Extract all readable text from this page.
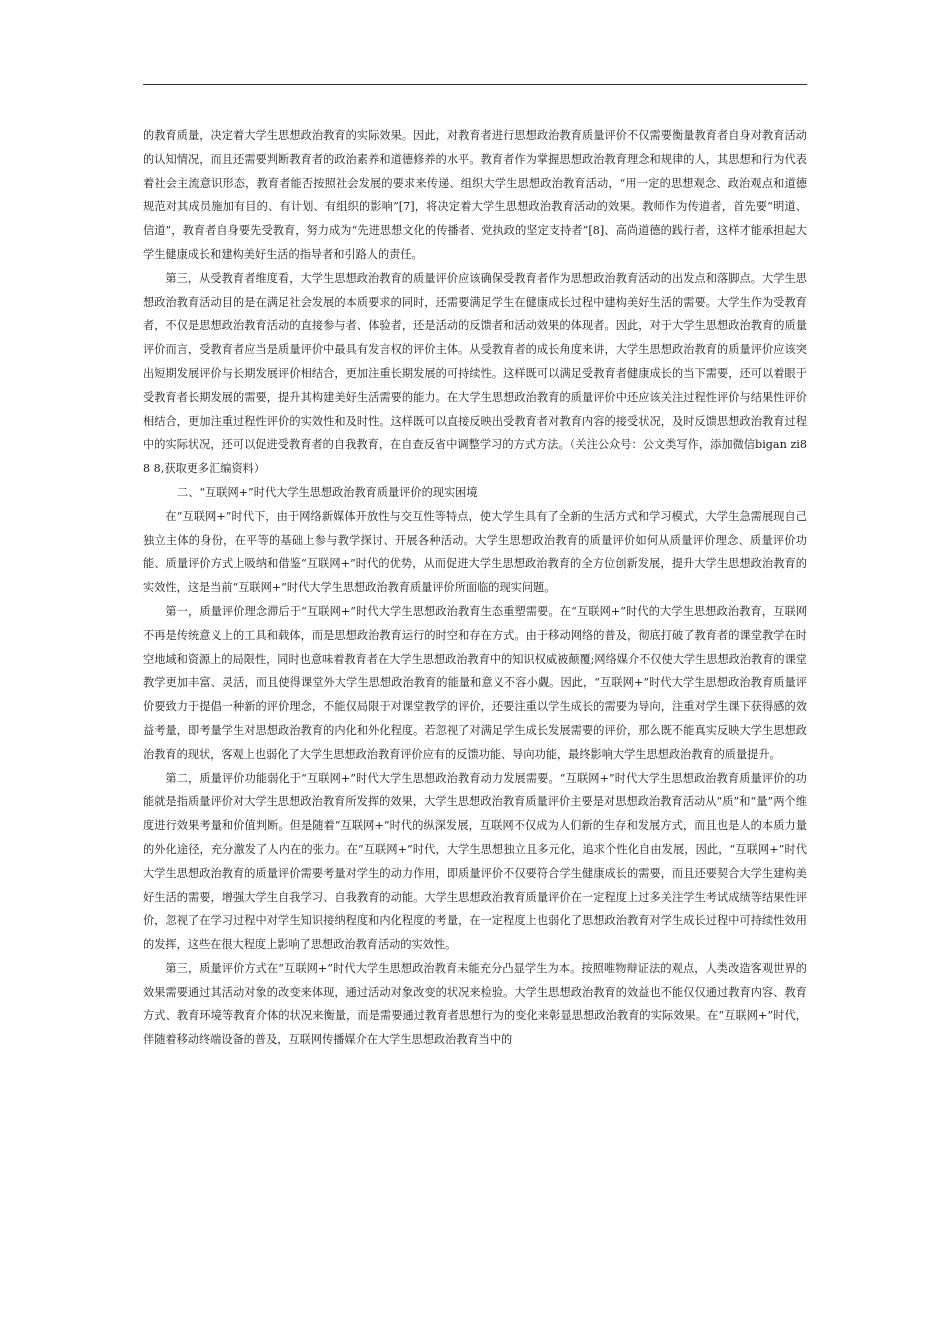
的教育质量，决定着大学生思想政治教育的实际效果。因此，对教育者进行思想政治教育质量评价不仅需要衡量教育者自身对教育活动的认知情况，而且还需要判断教育者的政治素养和道德修养的水平。教育者作为掌握思想政治教育理念和规律的人，其思想和行为代表着社会主流意识形态，教育者能否按照社会发展的要求来传递、组织大学生思想政治教育活动，“用一定的思想观念、政治观点和道德规范对其成员施加有目的、有计划、有组织的影响”[7]，将决定着大学生思想政治教育活动的效果。教师作为传道者，首先要“明道、信道”，教育者自身要先受教育，努力成为“先进思想文化的传播者、党执政的坚定支持者”[8]、高尚道德的践行者，这样才能承担起大学生健康成长和建构美好生活的指导者和引路人的责任。

第三，从受教育者维度看，大学生思想政治教育的质量评价应该确保受教育者作为思想政治教育活动的出发点和落脚点。大学生思想政治教育活动目的是在满足社会发展的本质要求的同时，还需要满足学生在健康成长过程中建构美好生活的需要。大学生作为受教育者，不仅是思想政治教育活动的直接参与者、体验者，还是活动的反馈者和活动效果的体现者。因此，对于大学生思想政治教育的质量评价而言，受教育者应当是质量评价中最具有发言权的评价主体。从受教育者的成长角度来讲，大学生思想政治教育的质量评价应该突出短期发展评价与长期发展评价相结合，更加注重长期发展的可持续性。这样既可以满足受教育者健康成长的当下需要，还可以着眼于受教育者长期发展的需要，提升其构建美好生活需要的能力。在大学生思想政治教育的质量评价中还应该关注过程性评价与结果性评价相结合，更加注重过程性评价的实效性和及时性。这样既可以直接反映出受教育者对教育内容的接受状况，及时反馈思想政治教育过程中的实际状况，还可以促进受教育者的自我教育，在自查反省中调整学习的方式方法。（关注公众号：公文类写作，添加微信bigan zi8 8 8,获取更多汇编资料）

二、“互联网+”时代大学生思想政治教育质量评价的现实困境

在“互联网+”时代下，由于网络新媒体开放性与交互性等特点，使大学生具有了全新的生活方式和学习模式，大学生急需展现自己独立主体的身份，在平等的基础上参与教学探讨、开展各种活动。大学生思想政治教育的质量评价如何从质量评价理念、质量评价功能、质量评价方式上吸纳和借鉴“互联网+”时代的优势，从而促进大学生思想政治教育的全方位创新发展，提升大学生思想政治教育的实效性，这是当前“互联网+”时代大学生思想政治教育质量评价所面临的现实问题。

第一，质量评价理念滞后于“互联网+”时代大学生思想政治教育生态重塑需要。在“互联网+”时代的大学生思想政治教育，互联网不再是传统意义上的工具和载体，而是思想政治教育运行的时空和存在方式。由于移动网络的普及，彻底打破了教育者的课堂教学在时空地域和资源上的局限性，同时也意味着教育者在大学生思想政治教育中的知识权威被颠覆;网络媒介不仅使大学生思想政治教育的课堂教学更加丰富、灵活，而且使得课堂外大学生思想政治教育的能量和意义不容小觑。因此，“互联网+”时代大学生思想政治教育质量评价要致力于提倡一种新的评价理念，不能仅局限于对课堂教学的评价，还要注重以学生成长的需要为导向，注重对学生课下获得感的效益考量，即考量学生对思想政治教育的内化和外化程度。若忽视了对满足学生成长发展需要的评价，那么既不能真实反映大学生思想政治教育的现状，客观上也弱化了大学生思想政治教育评价应有的反馈功能、导向功能，最终影响大学生思想政治教育的质量提升。

第二，质量评价功能弱化于“互联网+”时代大学生思想政治教育动力发展需要。“互联网+”时代大学生思想政治教育质量评价的功能就是指质量评价对大学生思想政治教育所发挥的效果，大学生思想政治教育质量评价主要是对思想政治教育活动从“质”和“量”两个维度进行效果考量和价值判断。但是随着“互联网+”时代的纵深发展，互联网不仅成为人们新的生存和发展方式，而且也是人的本质力量的外化途径，充分激发了人内在的张力。在“互联网+”时代，大学生思想独立且多元化，追求个性化自由发展，因此，“互联网+”时代大学生思想政治教育的质量评价需要考量对学生的动力作用，即质量评价不仅要符合学生健康成长的需要，而且还要契合大学生建构美好生活的需要，增强大学生自我学习、自我教育的动能。大学生思想政治教育质量评价在一定程度上过多关注学生考试成绩等结果性评价，忽视了在学习过程中对学生知识接纳程度和内化程度的考量，在一定程度上也弱化了思想政治教育对学生成长过程中可持续性效用的发挥，这些在很大程度上影响了思想政治教育活动的实效性。

第三，质量评价方式在“互联网+”时代大学生思想政治教育未能充分凸显学生为本。按照唯物辩证法的观点，人类改造客观世界的效果需要通过其活动对象的改变来体现，通过活动对象改变的状况来检验。大学生思想政治教育的效益也不能仅仅通过教育内容、教育方式、教育环境等教育介体的状况来衡量，而是需要通过教育者思想行为的变化来彰显思想政治教育的实际效果。在“互联网+”时代，伴随着移动终端设备的普及，互联网传播媒介在大学生思想政治教育当中的
